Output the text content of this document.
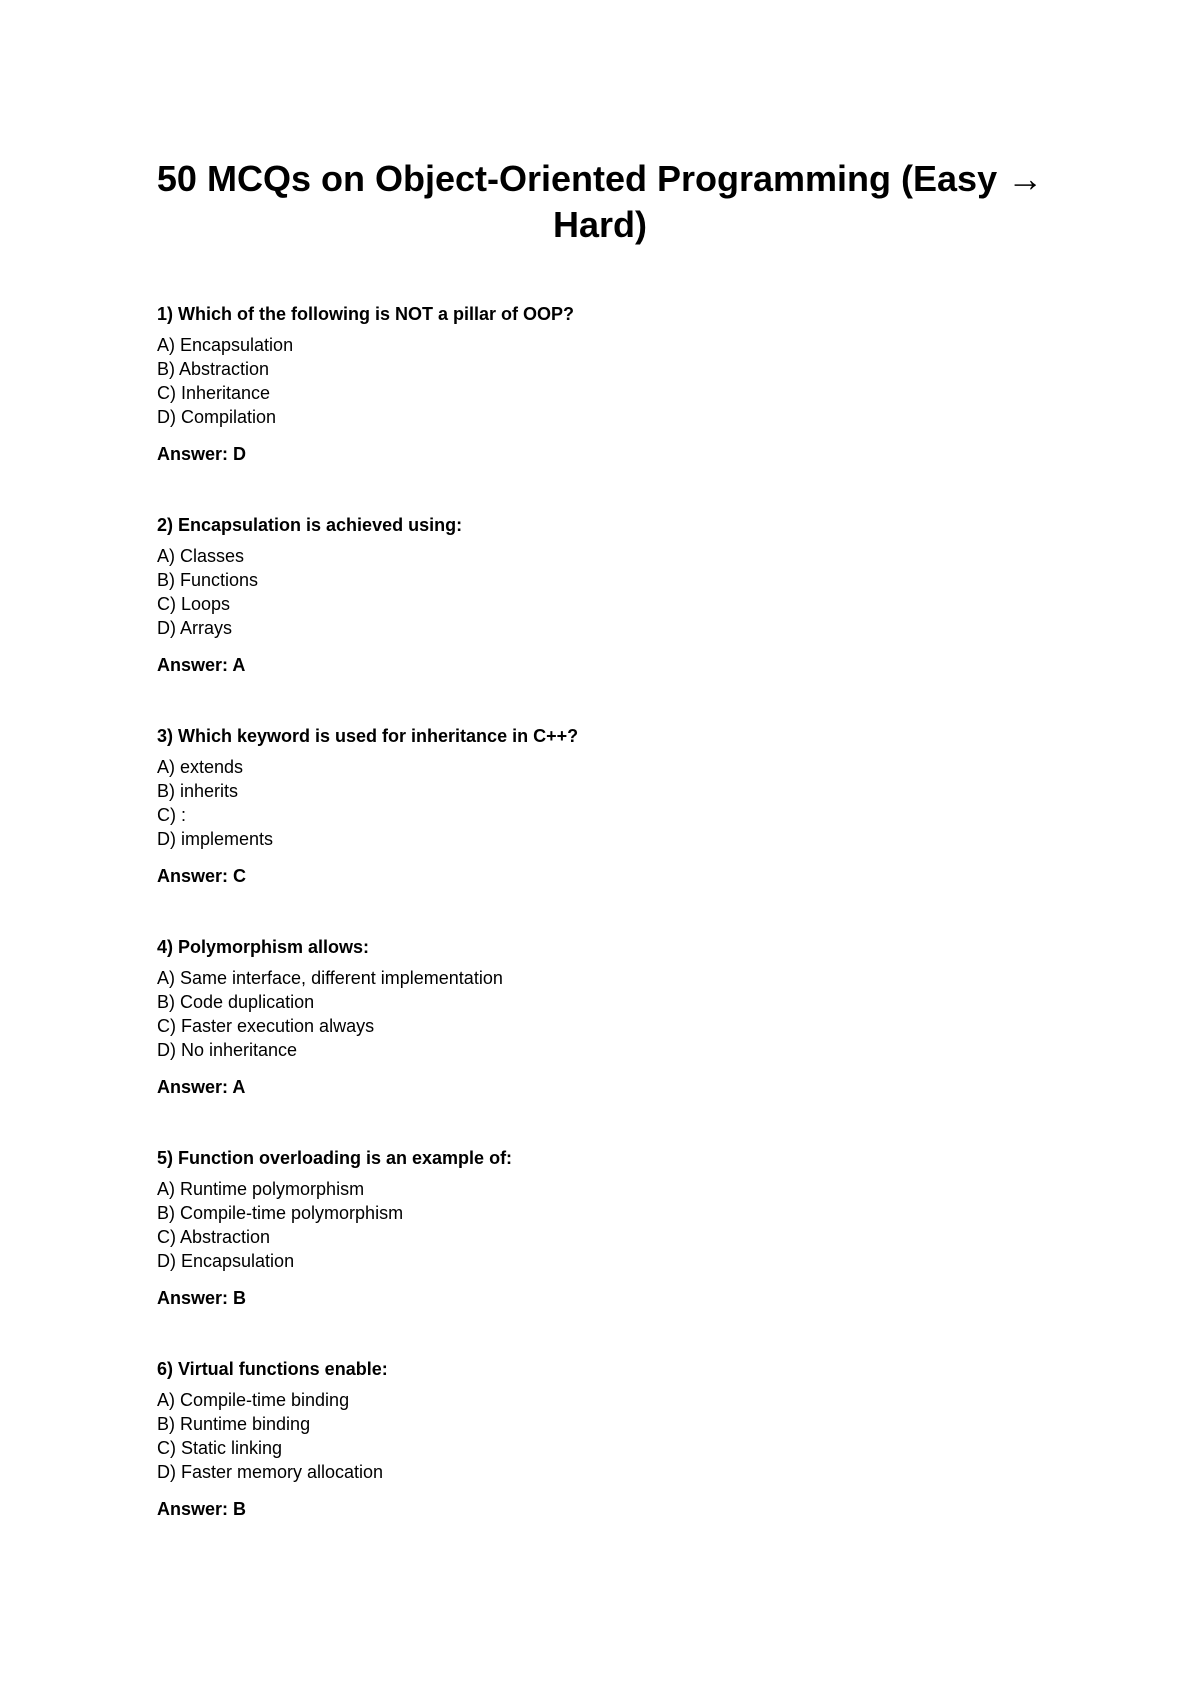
50 MCQs on Object-Oriented Programming (Easy → Hard)

1) Which of the following is NOT a pillar of OOP?

A) Encapsulation
B) Abstraction
C) Inheritance
D) Compilation

Answer: D

2) Encapsulation is achieved using:

A) Classes
B) Functions
C) Loops
D) Arrays

Answer: A

3) Which keyword is used for inheritance in C++?

A) extends
B) inherits
C) :
D) implements

Answer: C

4) Polymorphism allows:

A) Same interface, different implementation
B) Code duplication
C) Faster execution always
D) No inheritance

Answer: A

5) Function overloading is an example of:

A) Runtime polymorphism
B) Compile-time polymorphism
C) Abstraction
D) Encapsulation

Answer: B

6) Virtual functions enable:

A) Compile-time binding
B) Runtime binding
C) Static linking
D) Faster memory allocation

Answer: B
